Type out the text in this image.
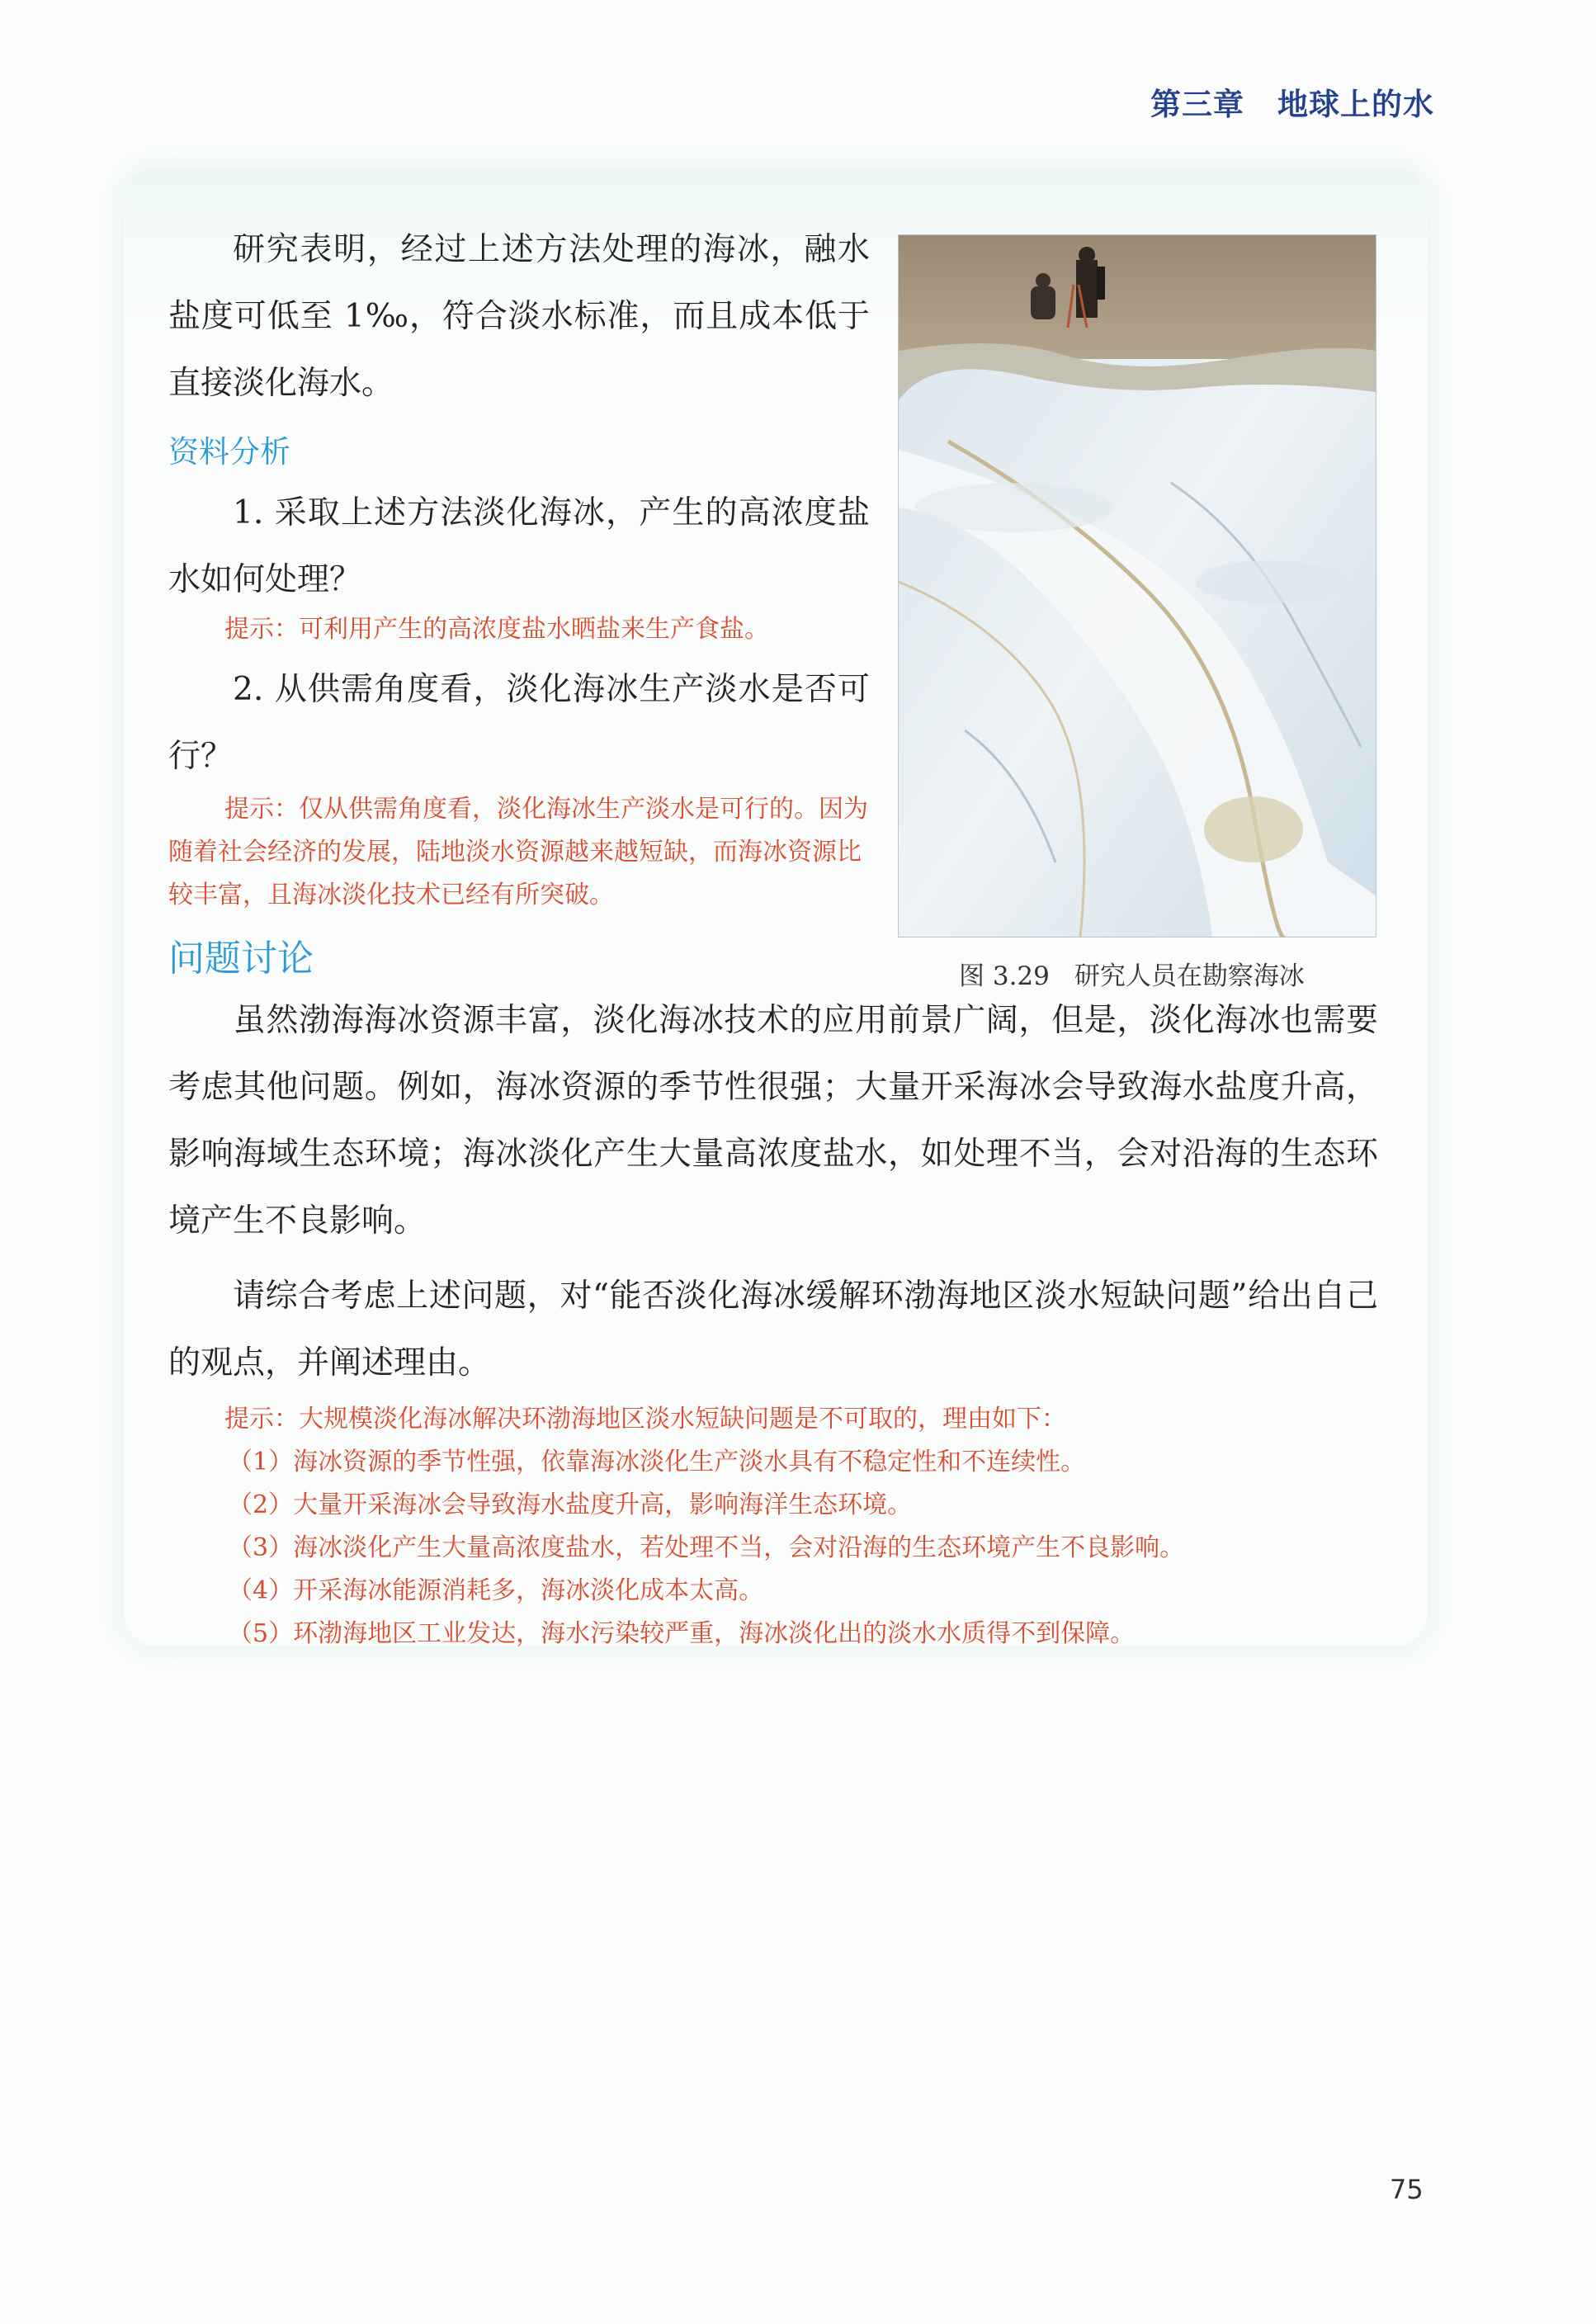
第三章 地球上的水

研究表明，经过上述方法处理的海冰，融水盐度可低至 1‰，符合淡水标准，而且成本低于直接淡化海水。

资料分析

1. 采取上述方法淡化海冰，产生的高浓度盐水如何处理？

提示：可利用产生的高浓度盐水晒盐来生产食盐。

2. 从供需角度看，淡化海冰生产淡水是否可行？

提示：仅从供需角度看，淡化海冰生产淡水是可行的。因为随着社会经济的发展，陆地淡水资源越来越短缺，而海冰资源比较丰富，且海冰淡化技术已经有所突破。

问题讨论	图 3.29 研究人员在勘察海冰

虽然渤海海冰资源丰富，淡化海冰技术的应用前景广阔，但是，淡化海冰也需要考虑其他问题。例如，海冰资源的季节性很强；大量开采海冰会导致海水盐度升高，影响海域生态环境；海冰淡化产生大量高浓度盐水，如处理不当，会对沿海的生态环境产生不良影响。

请综合考虑上述问题，对“能否淡化海冰缓解环渤海地区淡水短缺问题”给出自己的观点，并阐述理由。

提示：大规模淡化海冰解决环渤海地区淡水短缺问题是不可取的，理由如下：

（1）海冰资源的季节性强，依靠海冰淡化生产淡水具有不稳定性和不连续性。

（2）大量开采海冰会导致海水盐度升高，影响海洋生态环境。

（3）海冰淡化产生大量高浓度盐水，若处理不当，会对沿海的生态环境产生不良影响。

（4）开采海冰能源消耗多，海冰淡化成本太高。

（5）环渤海地区工业发达，海水污染较严重，海冰淡化出的淡水水质得不到保障。

75
